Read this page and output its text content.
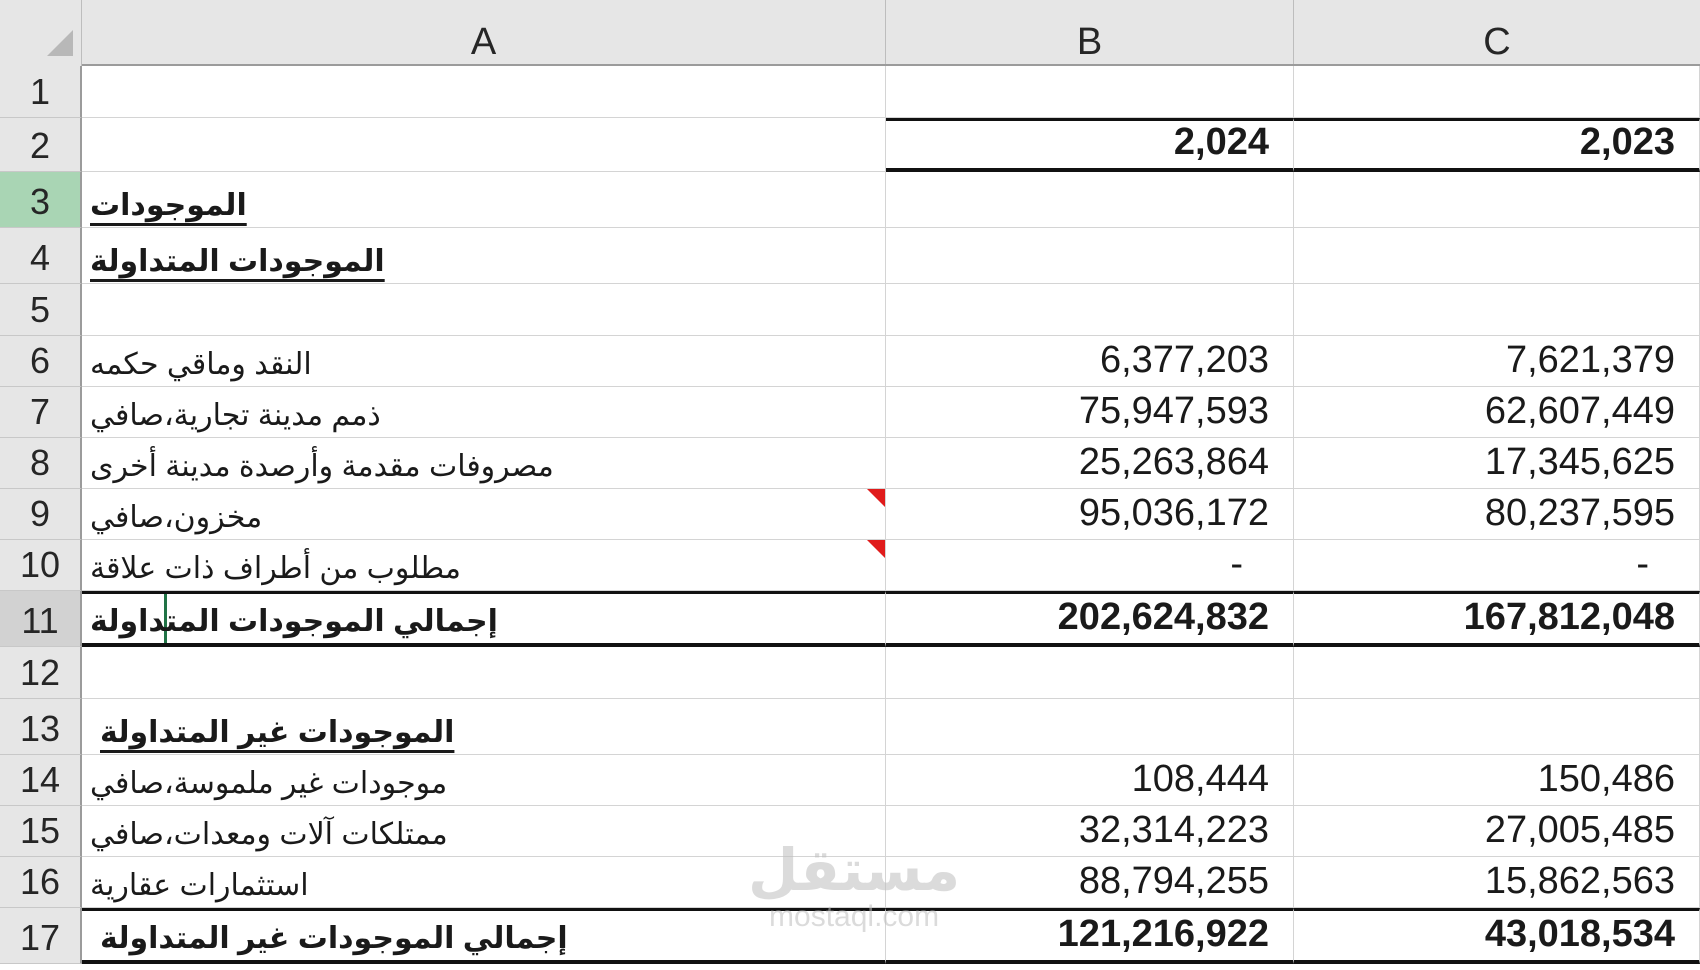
A	B	C
1
2	2,024	2,023
3	الموجودات
4	الموجودات المتداولة
5
6	النقد وماقي حكمه	6,377,203	7,621,379
7	ذمم مدينة تجارية،صافي	75,947,593	62,607,449
8	مصروفات مقدمة وأرصدة مدينة أخرى	25,263,864	17,345,625
9	مخزون،صافي	95,036,172	80,237,595
10 مطلوب من أطراف ذات علاقة	-	-
11	إجمالي الموجودات المتداولة	202,624,832	167,812,048
12
13	الموجودات غير المتداولة
14 موجودات غير ملموسة،صافي	108,444	150,486
15 ممتلكات آلات ومعدات،صافي	32,314,223	27,005,485
16 استثمارات عقارية	88,794,255	15,862,563
17	إجمالي الموجودات غير المتداولة	121,216,922	43,018,534
مستقل
mostaql.com
